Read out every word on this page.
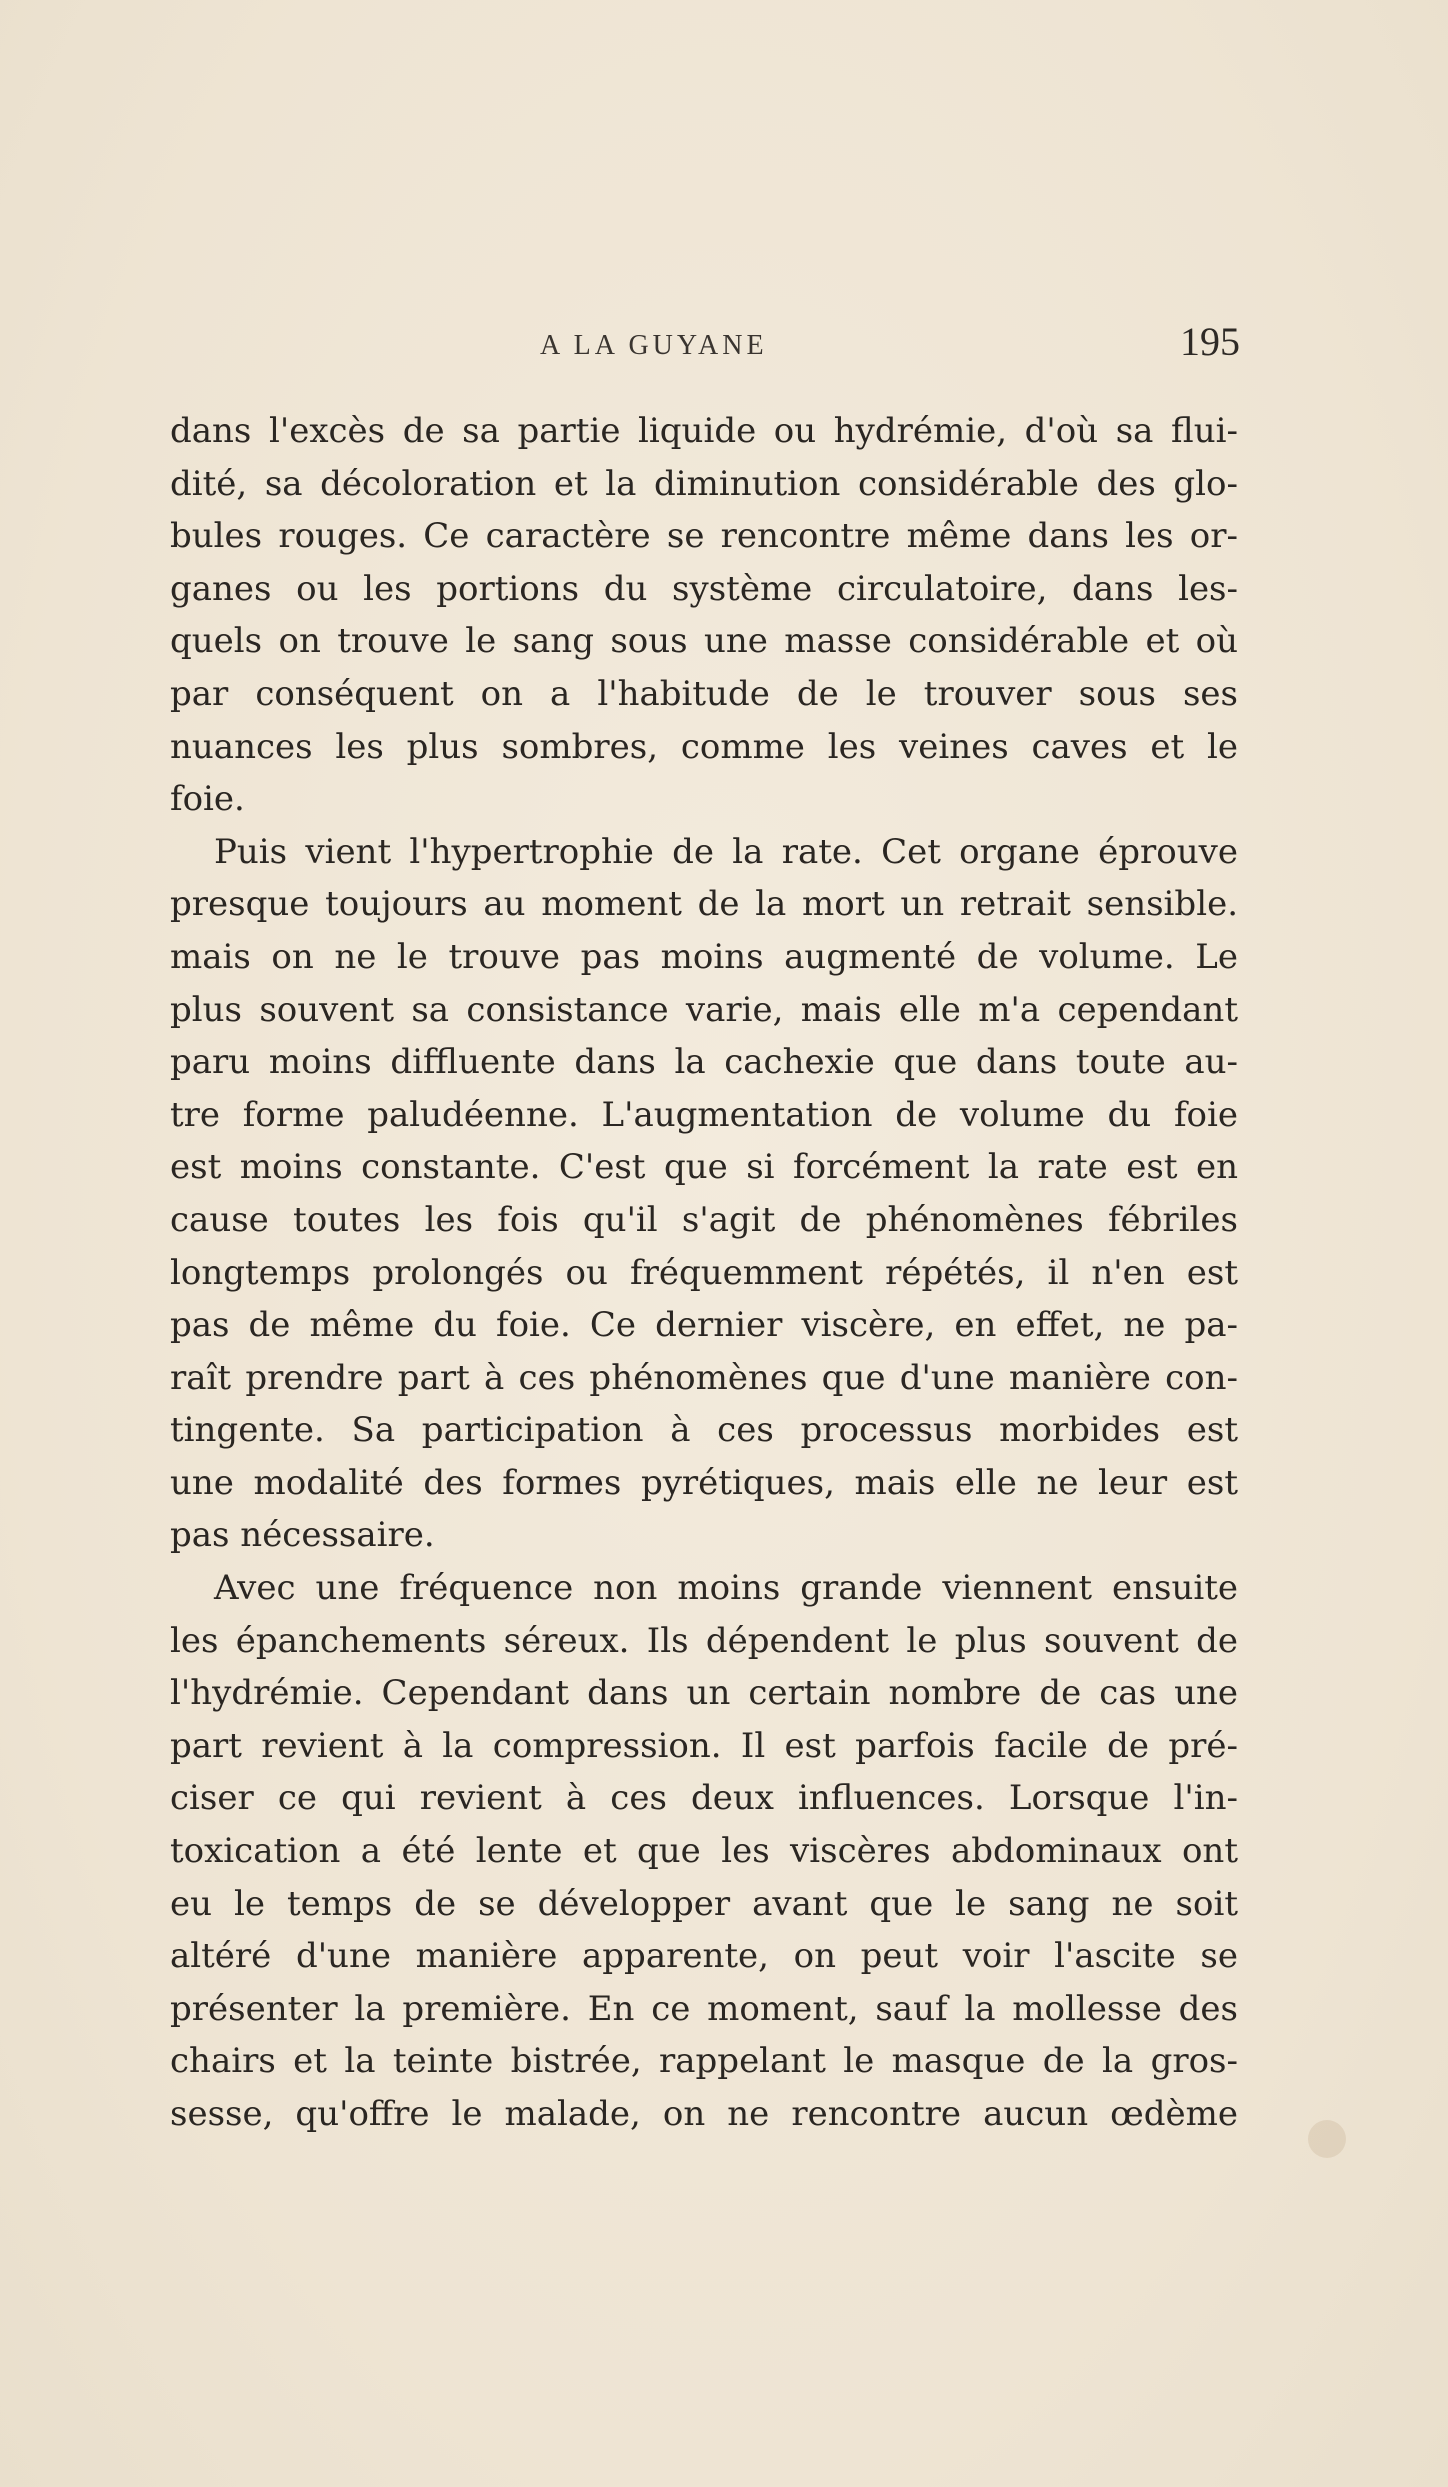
A LA GUYANE	195
dans l'excès de sa partie liquide ou hydrémie, d'où sa flui-
dité, sa décoloration et la diminution considérable des glo-
bules rouges. Ce caractère se rencontre même dans les or-
ganes ou les portions du système circulatoire, dans les-
quels on trouve le sang sous une masse considérable et où
par conséquent on a l'habitude de le trouver sous ses
nuances les plus sombres, comme les veines caves et le
foie.
Puis vient l'hypertrophie de la rate. Cet organe éprouve
presque toujours au moment de la mort un retrait sensible.
mais on ne le trouve pas moins augmenté de volume. Le
plus souvent sa consistance varie, mais elle m'a cependant
paru moins diffluente dans la cachexie que dans toute au-
tre forme paludéenne. L'augmentation de volume du foie
est moins constante. C'est que si forcément la rate est en
cause toutes les fois qu'il s'agit de phénomènes fébriles
longtemps prolongés ou fréquemment répétés, il n'en est
pas de même du foie. Ce dernier viscère, en effet, ne pa-
raît prendre part à ces phénomènes que d'une manière con-
tingente. Sa participation à ces processus morbides est
une modalité des formes pyrétiques, mais elle ne leur est
pas nécessaire.
Avec une fréquence non moins grande viennent ensuite
les épanchements séreux. Ils dépendent le plus souvent de
l'hydrémie. Cependant dans un certain nombre de cas une
part revient à la compression. Il est parfois facile de pré-
ciser ce qui revient à ces deux influences. Lorsque l'in-
toxication a été lente et que les viscères abdominaux ont
eu le temps de se développer avant que le sang ne soit
altéré d'une manière apparente, on peut voir l'ascite se
présenter la première. En ce moment, sauf la mollesse des
chairs et la teinte bistrée, rappelant le masque de la gros-
sesse, qu'offre le malade, on ne rencontre aucun œdème
